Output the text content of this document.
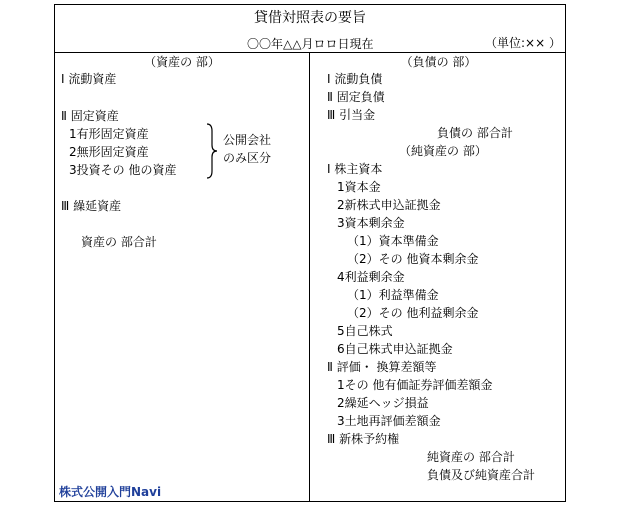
貸借対照表の要旨
〇〇年△△月ロロ日現在	（単位:×× ）
（資産の 部）
Ⅰ 流動資産
Ⅱ 固定資産
1有形固定資産
2無形固定資産
3投資その 他の資産
公開会社
のみ区分
Ⅲ 繰延資産
資産の 部合計
（負債の 部）
Ⅰ 流動負債
Ⅱ 固定負債
Ⅲ 引当金
負債の 部合計
（純資産の 部）
Ⅰ 株主資本
1資本金
2新株式申込証拠金
3資本剰余金
（1）資本準備金
（2）その 他資本剰余金
4利益剰余金
（1）利益準備金
（2）その 他利益剰余金
5自己株式
6自己株式申込証拠金
Ⅱ 評価・ 換算差額等
1その 他有価証券評価差額金
2繰延ヘッジ損益
3土地再評価差額金
Ⅲ 新株予約権
純資産の 部合計
負債及び純資産合計
株式公開入門Navi
